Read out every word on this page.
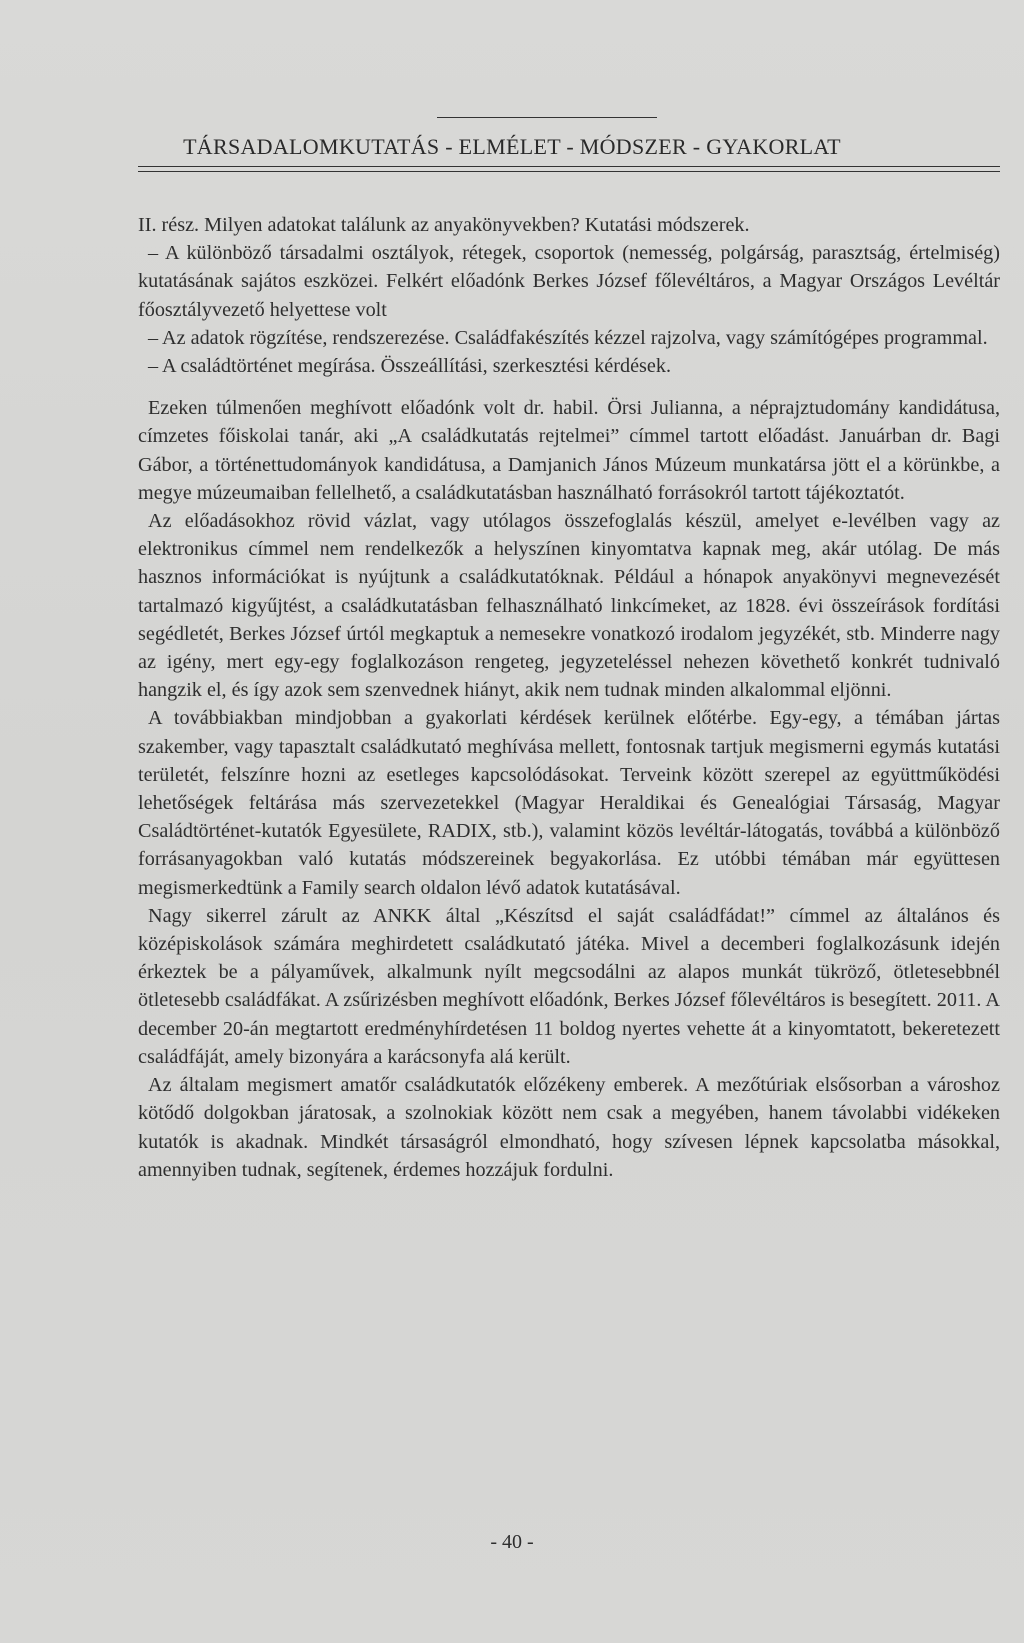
TÁRSADALOMKUTATÁS - ELMÉLET - MÓDSZER - GYAKORLAT

II. rész. Milyen adatokat találunk az anyakönyvekben? Kutatási módszerek.

– A különböző társadalmi osztályok, rétegek, csoportok (nemesség, polgárság, parasztság, értelmiség) kutatásának sajátos eszközei. Felkért előadónk Berkes József főlevéltáros, a Magyar Országos Levéltár főosztályvezető helyettese volt

– Az adatok rögzítése, rendszerezése. Családfakészítés kézzel rajzolva, vagy számítógépes programmal.

– A családtörténet megírása. Összeállítási, szerkesztési kérdések.

Ezeken túlmenően meghívott előadónk volt dr. habil. Örsi Julianna, a néprajztudomány kandidátusa, címzetes főiskolai tanár, aki „A családkutatás rejtelmei” címmel tartott előadást. Januárban dr. Bagi Gábor, a történettudományok kandidátusa, a Damjanich János Múzeum munkatársa jött el a körünkbe, a megye múzeumaiban fellelhető, a családkutatásban használható forrásokról tartott tájékoztatót.

Az előadásokhoz rövid vázlat, vagy utólagos összefoglalás készül, amelyet e-levélben vagy az elektronikus címmel nem rendelkezők a helyszínen kinyomtatva kapnak meg, akár utólag. De más hasznos információkat is nyújtunk a családkutatóknak. Például a hónapok anyakönyvi megnevezését tartalmazó kigyűjtést, a családkutatásban felhasználható linkcímeket, az 1828. évi összeírások fordítási segédletét, Berkes József úrtól megkaptuk a nemesekre vonatkozó irodalom jegyzékét, stb. Minderre nagy az igény, mert egy-egy foglalkozáson rengeteg, jegyzeteléssel nehezen követhető konkrét tudnivaló hangzik el, és így azok sem szenvednek hiányt, akik nem tudnak minden alkalommal eljönni.

A továbbiakban mindjobban a gyakorlati kérdések kerülnek előtérbe. Egy-egy, a témában jártas szakember, vagy tapasztalt családkutató meghívása mellett, fontosnak tartjuk megismerni egymás kutatási területét, felszínre hozni az esetleges kapcsolódásokat. Terveink között szerepel az együttműködési lehetőségek feltárása más szervezetekkel (Magyar Heraldikai és Genealógiai Társaság, Magyar Családtörténet-kutatók Egyesülete, RADIX, stb.), valamint közös levéltár-látogatás, továbbá a különböző forrásanyagokban való kutatás módszereinek begyakorlása. Ez utóbbi témában már együttesen megismerkedtünk a Family search oldalon lévő adatok kutatásával.

Nagy sikerrel zárult az ANKK által „Készítsd el saját családfádat!” címmel az általános és középiskolások számára meghirdetett családkutató játéka. Mivel a decemberi foglalkozásunk idején érkeztek be a pályaművek, alkalmunk nyílt megcsodálni az alapos munkát tükröző, ötletesebbnél ötletesebb családfákat. A zsűrizésben meghívott előadónk, Berkes József főlevéltáros is besegített. 2011. A december 20-án megtartott eredményhírdetésen 11 boldog nyertes vehette át a kinyomtatott, bekeretezett családfáját, amely bizonyára a karácsonyfa alá került.

Az általam megismert amatőr családkutatók előzékeny emberek. A mezőtúriak elsősorban a városhoz kötődő dolgokban járatosak, a szolnokiak között nem csak a megyében, hanem távolabbi vidékeken kutatók is akadnak. Mindkét társaságról elmondható, hogy szívesen lépnek kapcsolatba másokkal, amennyiben tudnak, segítenek, érdemes hozzájuk fordulni.

- 40 -
